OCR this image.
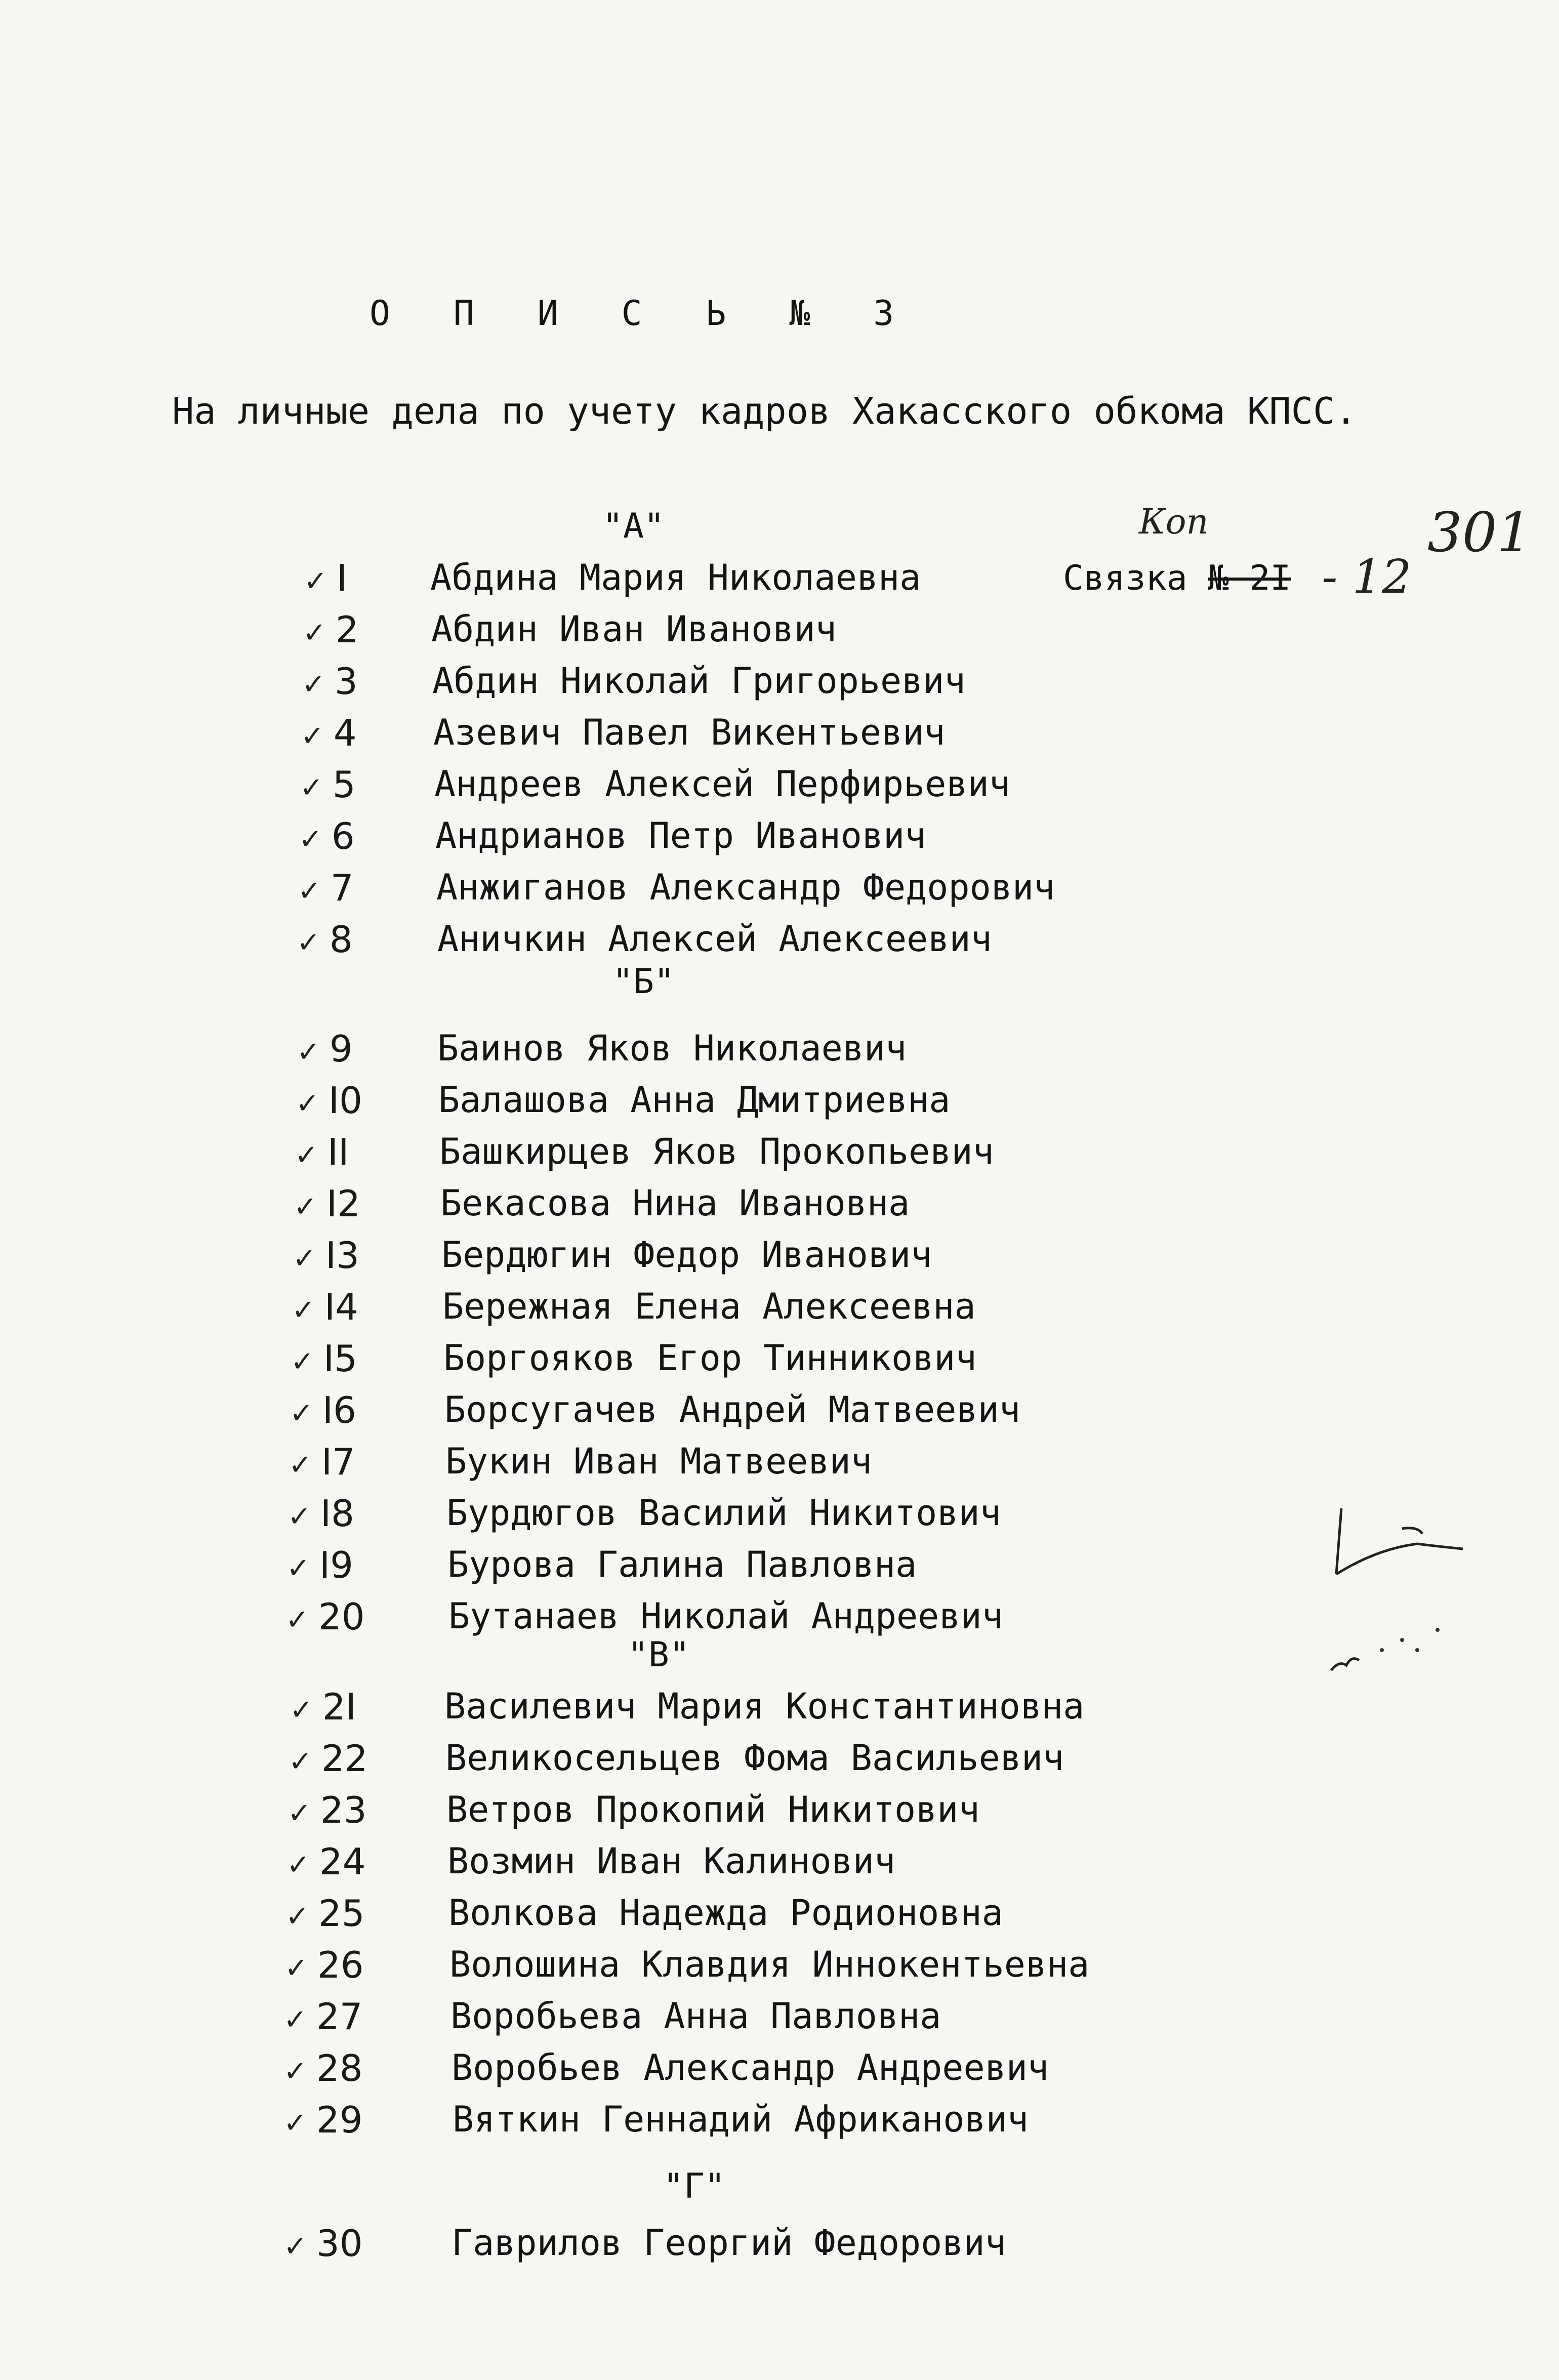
О П И С Ь № 3
На личные дела по учету кадров Хакасского обкома КПСС.
Связка № 2I - 12
Коп	301
"А"
✓ I	Абдина Мария Николаевна
✓ 2	Абдин Иван Иванович
✓ 3	Абдин Николай Григорьевич
✓ 4	Азевич Павел Викентьевич
✓ 5	Андреев Алексей Перфирьевич
✓ 6	Андрианов Петр Иванович
✓ 7	Анжиганов Александр Федорович
✓ 8	Аничкин Алексей Алексеевич
"Б"
✓ 9	Баинов Яков Николаевич
✓ I0	Балашова Анна Дмитриевна
✓ II	Башкирцев Яков Прокопьевич
✓ I2	Бекасова Нина Ивановна
✓ I3	Бердюгин Федор Иванович
✓ I4	Бережная Елена Алексеевна
✓ I5	Боргояков Егор Тинникович
✓ I6	Борсугачев Андрей Матвеевич
✓ I7	Букин Иван Матвеевич
✓ I8	Бурдюгов Василий Никитович
✓ I9	Бурова Галина Павловна
✓ 20 Бутанаев Николай Андреевич
"В"
✓ 2I	Василевич Мария Константиновна
✓ 22 Великосельцев Фома Васильевич
✓ 23 Ветров Прокопий Никитович
✓ 24 Возмин Иван Калинович
✓ 25 Волкова Надежда Родионовна
✓ 26 Волошина Клавдия Иннокентьевна
✓ 27 Воробьева Анна Павловна
✓ 28	Воробьев Александр Андреевич
✓ 29	Вяткин Геннадий Африканович
"Г"
✓ 30	Гаврилов Георгий Федорович
